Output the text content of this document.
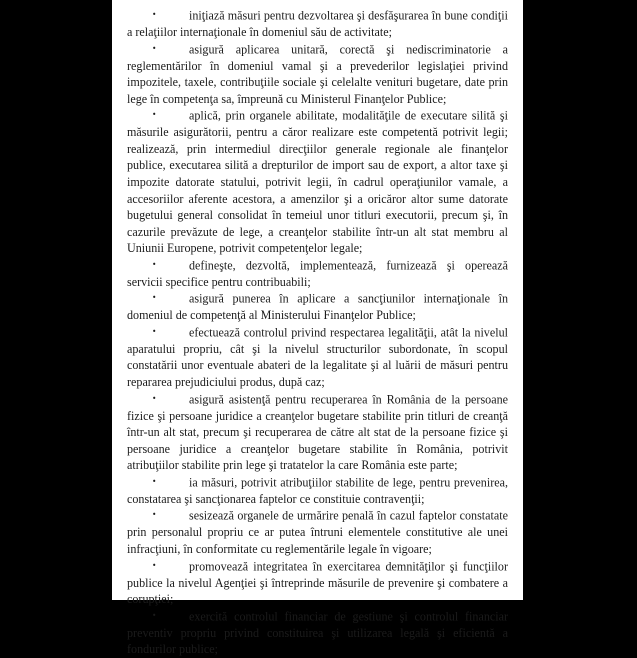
•	iniţiază măsuri pentru dezvoltarea şi desfăşurarea în bune condiţii a relaţiilor internaţionale în domeniul său de activitate;

•	asigură aplicarea unitară, corectă şi nediscriminatorie a reglementărilor în domeniul vamal şi a prevederilor legislaţiei privind impozitele, taxele, contribuţiile sociale şi celelalte venituri bugetare, date prin lege în competenţa sa, împreună cu Ministerul Finanţelor Publice;

•	aplică, prin organele abilitate, modalităţile de executare silită şi măsurile asigurătorii, pentru a căror realizare este competentă potrivit legii; realizează, prin intermediul direcţiilor generale regionale ale finanţelor publice, executarea silită a drepturilor de import sau de export, a altor taxe şi impozite datorate statului, potrivit legii, în cadrul operaţiunilor vamale, a accesoriilor aferente acestora, a amenzilor şi a oricăror altor sume datorate bugetului general consolidat în temeiul unor titluri executorii, precum şi, în cazurile prevăzute de lege, a creanţelor stabilite într-un alt stat membru al Uniunii Europene, potrivit competenţelor legale;

•	defineşte, dezvoltă, implementează, furnizează şi operează servicii specifice pentru contribuabili;

•	asigură punerea în aplicare a sancţiunilor internaţionale în domeniul de competenţă al Ministerului Finanţelor Publice;

•	efectuează controlul privind respectarea legalităţii, atât la nivelul aparatului propriu, cât şi la nivelul structurilor subordonate, în scopul constatării unor eventuale abateri de la legalitate şi al luării de măsuri pentru repararea prejudiciului produs, după caz;

•	asigură asistenţă pentru recuperarea în România de la persoane fizice şi persoane juridice a creanţelor bugetare stabilite prin titluri de creanţă într-un alt stat, precum şi recuperarea de către alt stat de la persoane fizice şi persoane juridice a creanţelor bugetare stabilite în România, potrivit atribuţiilor stabilite prin lege şi tratatelor la care România este parte;

•	ia măsuri, potrivit atribuţiilor stabilite de lege, pentru prevenirea, constatarea şi sancţionarea faptelor ce constituie contravenţii;

•	sesizează organele de urmărire penală în cazul faptelor constatate prin personalul propriu ce ar putea întruni elementele constitutive ale unei infracţiuni, în conformitate cu reglementările legale în vigoare;

•	promovează integritatea în exercitarea demnităţilor şi funcţiilor publice la nivelul Agenţiei şi întreprinde măsurile de prevenire şi combatere a corupţiei;

•	exercită controlul financiar de gestiune şi controlul financiar preventiv propriu privind constituirea şi utilizarea legală şi eficientă a fondurilor publice;
